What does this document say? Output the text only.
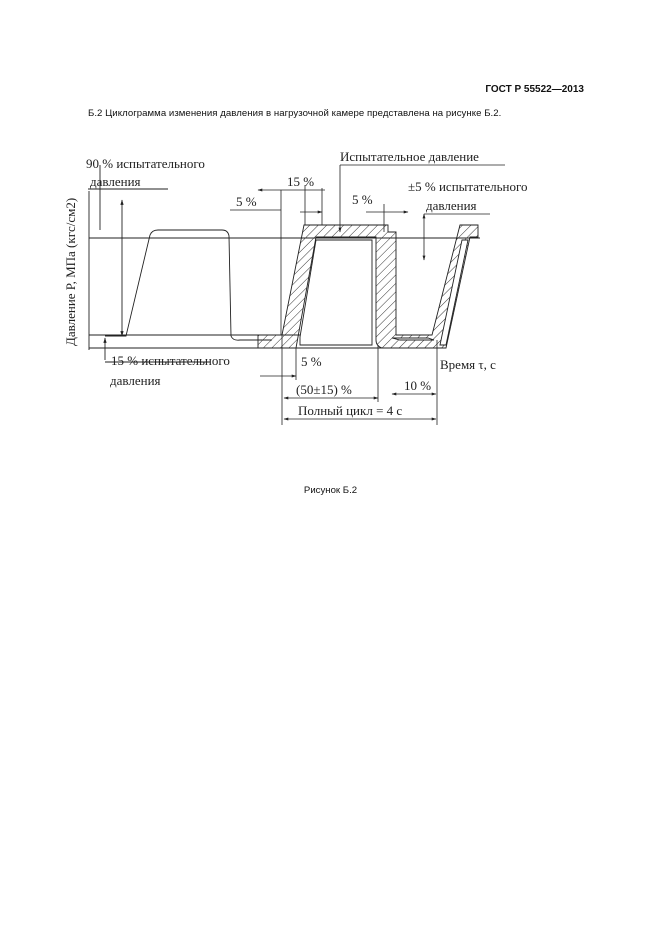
ГОСТ Р 55522—2013
Б.2 Циклограмма изменения давления в нагрузочной камере представлена на рисунке Б.2.
90 % испытательного
давления
Испытательное давление
15 %
5 %	5 %
±5 % испытательного
давления
Давление P, МПа (кгс/см2)
Время τ, с
15 % испытательного
давления
5 %
(50±15) %	10 %
Полный цикл = 4 с
Рисунок Б.2
